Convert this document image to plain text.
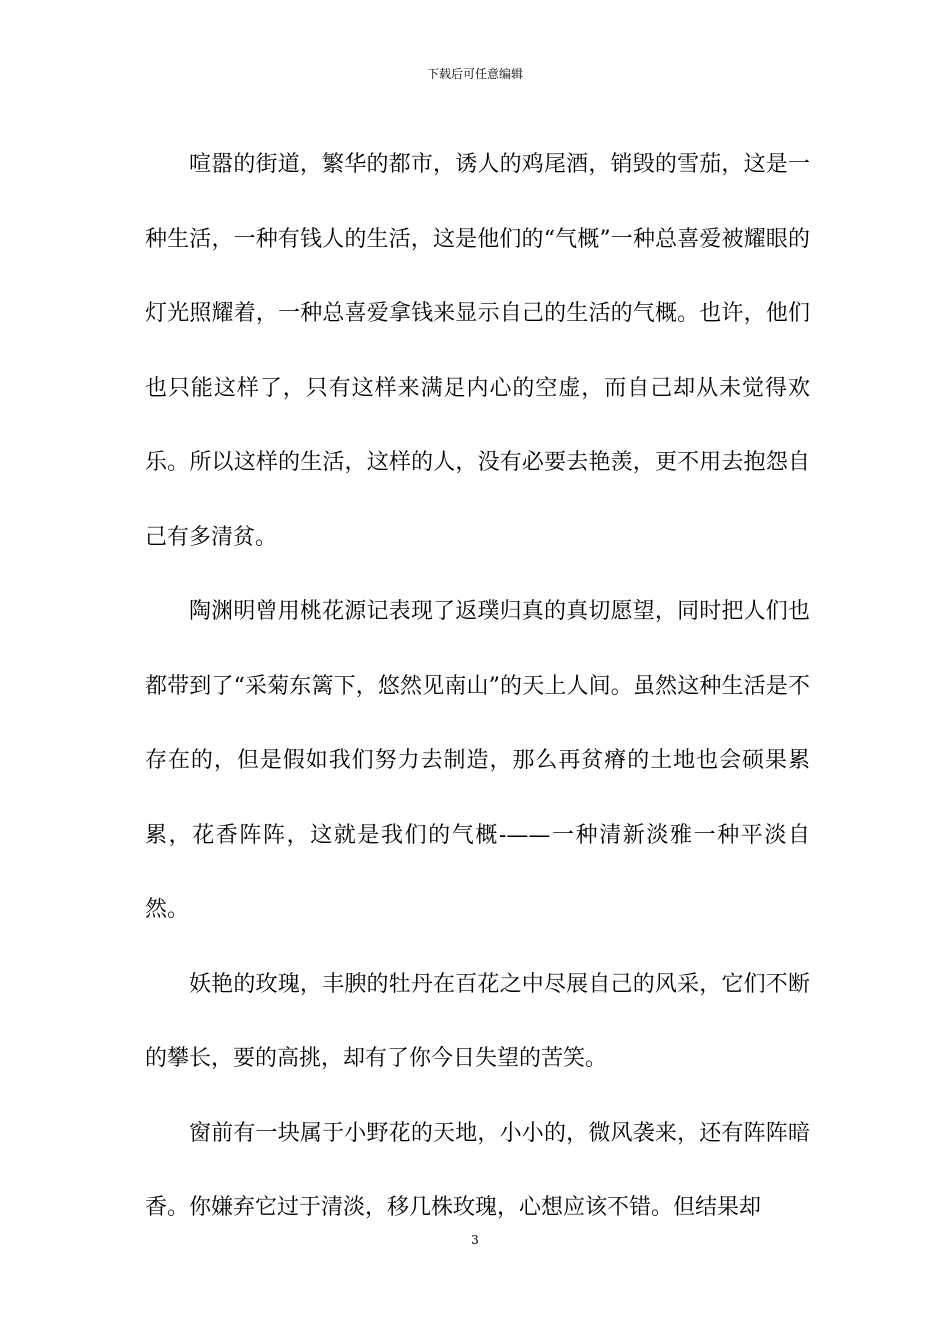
下载后可任意编辑

喧嚣的街道，繁华的都市，诱人的鸡尾酒，销毁的雪茄，这是一种生活，一种有钱人的生活，这是他们的“气概”一种总喜爱被耀眼的灯光照耀着，一种总喜爱拿钱来显示自己的生活的气概。也许，他们也只能这样了，只有这样来满足内心的空虚，而自己却从未觉得欢乐。所以这样的生活，这样的人，没有必要去艳羡，更不用去抱怨自己有多清贫。

陶渊明曾用桃花源记表现了返璞归真的真切愿望，同时把人们也都带到了“采菊东篱下，悠然见南山”的天上人间。虽然这种生活是不存在的，但是假如我们努力去制造，那么再贫瘠的土地也会硕果累累，花香阵阵，这就是我们的气概-——一种清新淡雅一种平淡自然。

妖艳的玫瑰，丰腴的牡丹在百花之中尽展自己的风采，它们不断的攀长，要的高挑，却有了你今日失望的苦笑。

窗前有一块属于小野花的天地，小小的，微风袭来，还有阵阵暗香。你嫌弃它过于清淡，移几株玫瑰，心想应该不错。但结果却

3
